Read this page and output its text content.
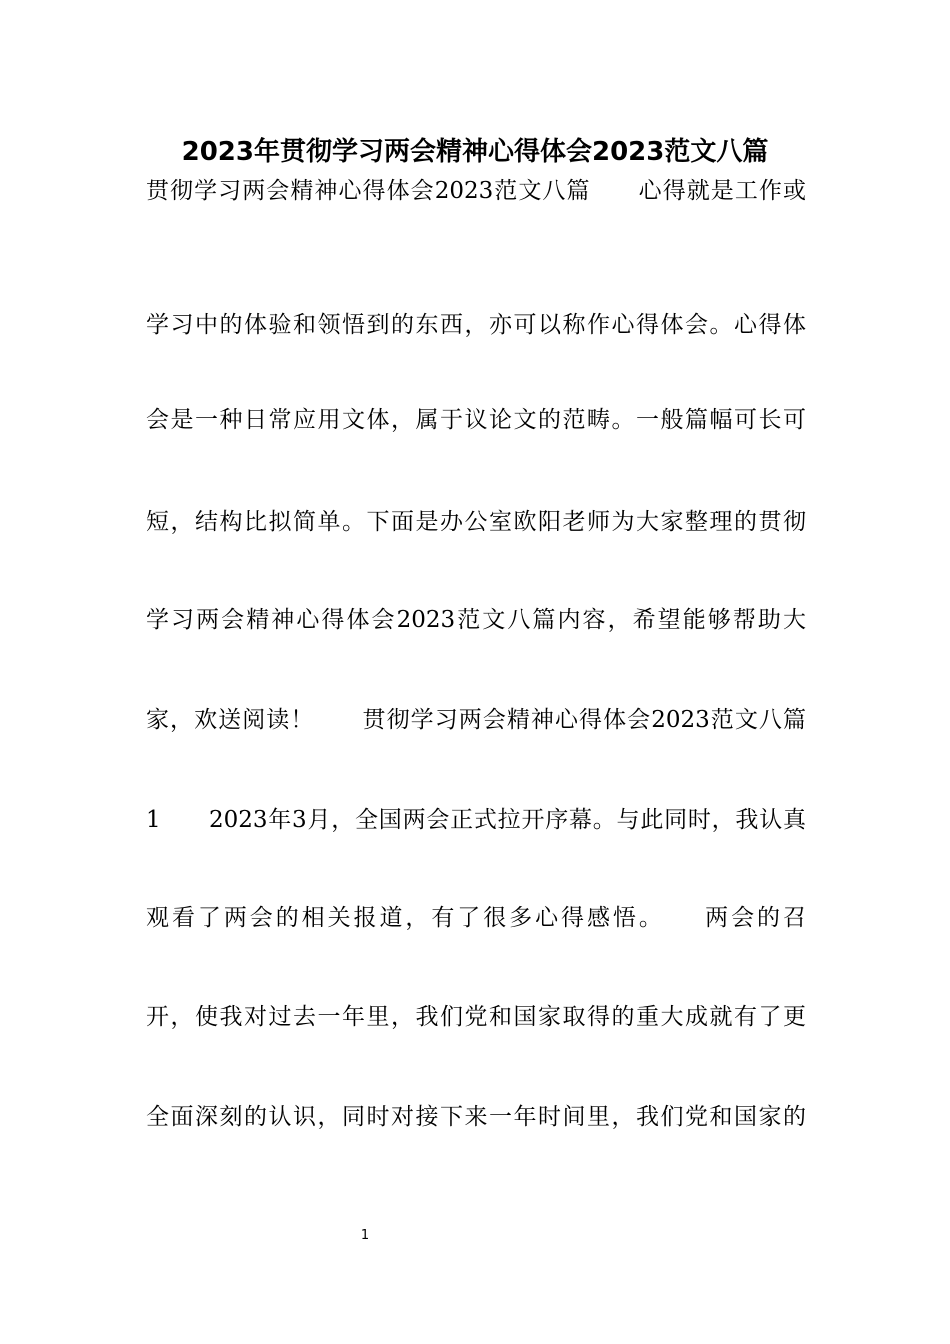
2023年贯彻学习两会精神心得体会2023范文八篇
贯彻学习两会精神心得体会2023范文八篇　　心得就是工作或
学习中的体验和领悟到的东西，亦可以称作心得体会。心得体
会是一种日常应用文体，属于议论文的范畴。一般篇幅可长可
短，结构比拟简单。下面是办公室欧阳老师为大家整理的贯彻
学习两会精神心得体会2023范文八篇内容，希望能够帮助大
家，欢送阅读！　　贯彻学习两会精神心得体会2023范文八篇
1　　2023年3月，全国两会正式拉开序幕。与此同时，我认真
观看了两会的相关报道，有了很多心得感悟。　　两会的召
开，使我对过去一年里，我们党和国家取得的重大成就有了更
全面深刻的认识，同时对接下来一年时间里，我们党和国家的
1
